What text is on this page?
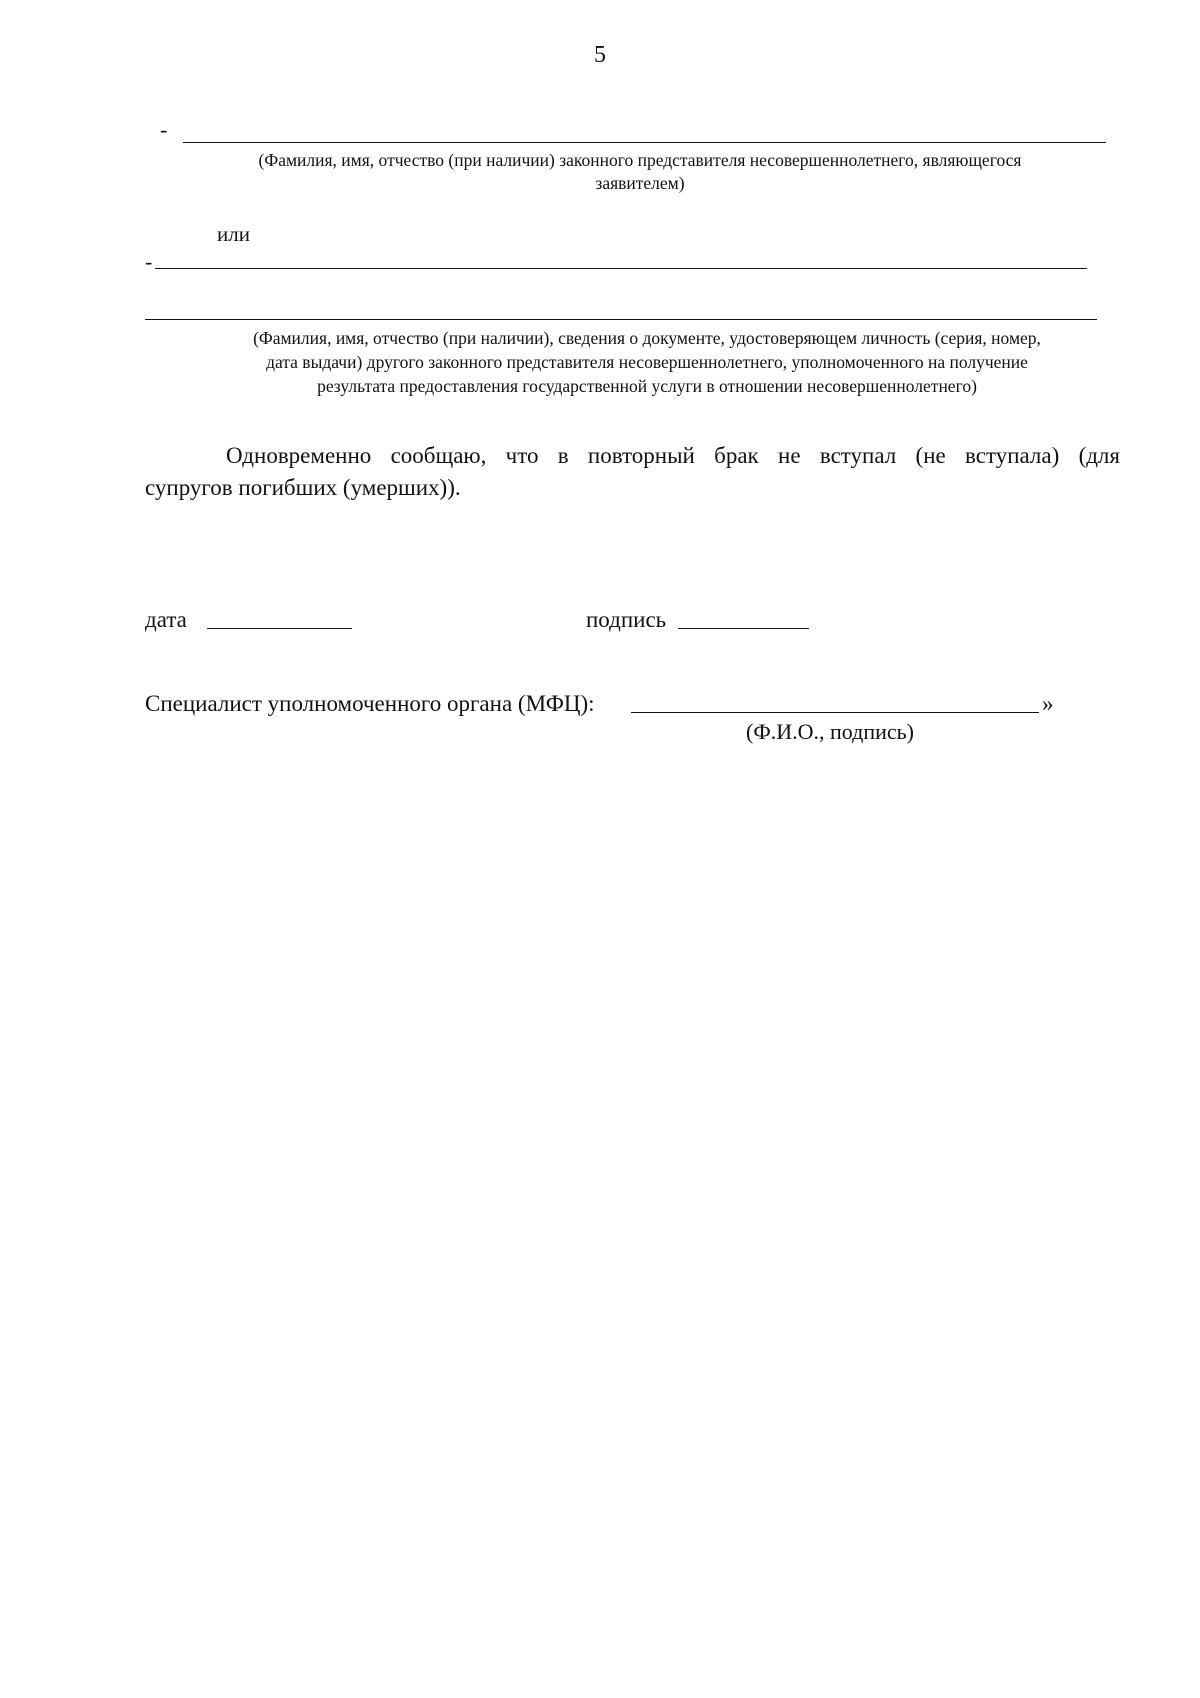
5
-
(Фамилия, имя, отчество (при наличии) законного представителя несовершеннолетнего, являющегося
заявителем)
или
-
(Фамилия, имя, отчество (при наличии), сведения о документе, удостоверяющем личность (серия, номер,
дата выдачи) другого законного представителя несовершеннолетнего, уполномоченного на получение
результата предоставления государственной услуги в отношении несовершеннолетнего)
Одновременно сообщаю, что в повторный брак не вступал (не вступала) (для
супругов погибших (умерших)).
дата	подпись
Специалист уполномоченного органа (МФЦ):	»
(Ф.И.О., подпись)
